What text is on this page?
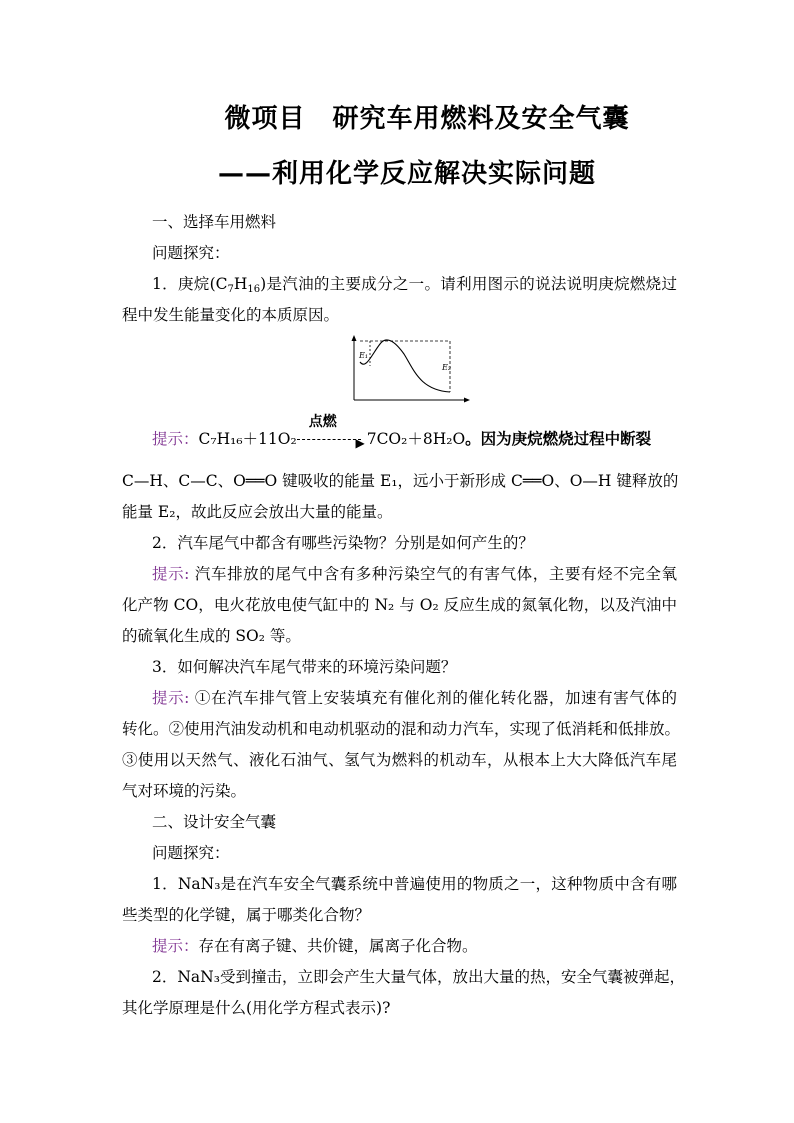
微项目　研究车用燃料及安全气囊
——利用化学反应解决实际问题
一、选择车用燃料
问题探究：
1．庚烷$(C_7H_{16})$是汽油的主要成分之一。请利用图示的说法说明庚烷燃烧过
程中发生能量变化的本质原因。
E₁
E₂
提示：C₇H₁₆＋11O₂
点燃
▶ 7CO₂＋8H₂O。因为庚烷燃烧过程中断裂
C—H、C—C、O══O 键吸收的能量 E₁，远小于新形成 C══O、O—H 键释放的
能量 E₂，故此反应会放出大量的能量。
2．汽车尾气中都含有哪些污染物？分别是如何产生的？
提示: 汽车排放的尾气中含有多种污染空气的有害气体，主要有烃不完全氧
化产物 CO，电火花放电使气缸中的 N₂ 与 O₂ 反应生成的氮氧化物，以及汽油中
的硫氧化生成的 SO₂ 等。
3．如何解决汽车尾气带来的环境污染问题？
提示: ①在汽车排气管上安装填充有催化剂的催化转化器，加速有害气体的
转化。②使用汽油发动机和电动机驱动的混和动力汽车，实现了低消耗和低排放。
③使用以天然气、液化石油气、氢气为燃料的机动车，从根本上大大降低汽车尾
气对环境的污染。
二、设计安全气囊
问题探究：
1．NaN₃是在汽车安全气囊系统中普遍使用的物质之一，这种物质中含有哪
些类型的化学键，属于哪类化合物？
提示：存在有离子键、共价键，属离子化合物。
2．NaN₃受到撞击，立即会产生大量气体，放出大量的热，安全气囊被弹起，
其化学原理是什么(用化学方程式表示)?
